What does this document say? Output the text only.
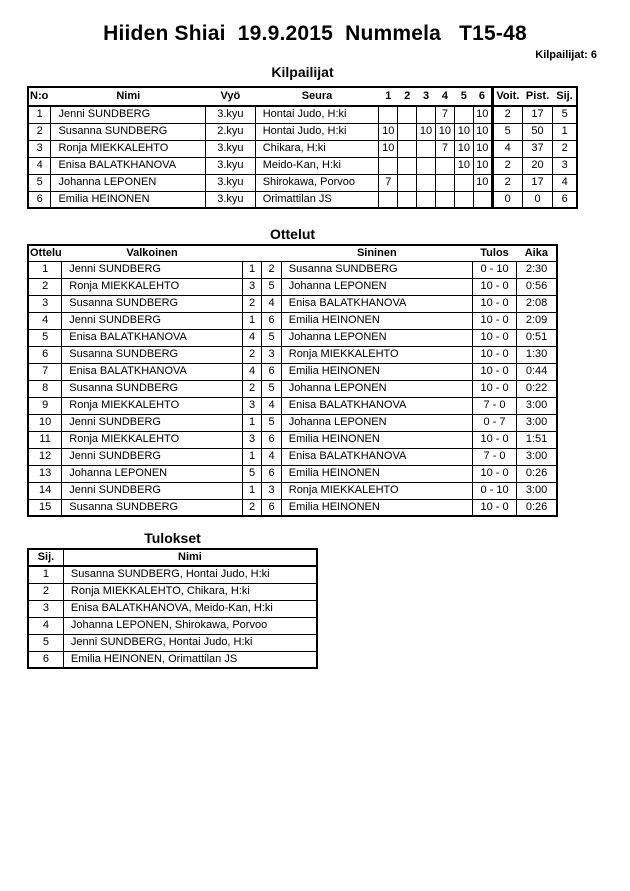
Hiiden Shiai  19.9.2015  Nummela   T15-48
Kilpailijat: 6
Kilpailijat
N:o	Nimi	Vyö	Seura	1	2	3	4	5	6	Voit.	Pist.	Sij.
1	Jenni SUNDBERG	3.kyu	Hontai Judo, H:ki				7		10	2	17	5
2	Susanna SUNDBERG	2.kyu	Hontai Judo, H:ki	10		10	10	10	10	5	50	1
3	Ronja MIEKKALEHTO	3.kyu	Chikara, H:ki	10			7	10	10	4	37	2
4	Enisa BALATKHANOVA	3.kyu	Meido-Kan, H:ki					10	10	2	20	3
5	Johanna LEPONEN	3.kyu	Shirokawa, Porvoo	7					10	2	17	4
6	Emilia HEINONEN	3.kyu	Orimattilan JS							0	0	6
Ottelut
Ottelu	Valkoinen			Sininen	Tulos	Aika
1	Jenni SUNDBERG	1	2	Susanna SUNDBERG	0 - 10	2:30
2	Ronja MIEKKALEHTO	3	5	Johanna LEPONEN	10 - 0	0:56
3	Susanna SUNDBERG	2	4	Enisa BALATKHANOVA	10 - 0	2:08
4	Jenni SUNDBERG	1	6	Emilia HEINONEN	10 - 0	2:09
5	Enisa BALATKHANOVA	4	5	Johanna LEPONEN	10 - 0	0:51
6	Susanna SUNDBERG	2	3	Ronja MIEKKALEHTO	10 - 0	1:30
7	Enisa BALATKHANOVA	4	6	Emilia HEINONEN	10 - 0	0:44
8	Susanna SUNDBERG	2	5	Johanna LEPONEN	10 - 0	0:22
9	Ronja MIEKKALEHTO	3	4	Enisa BALATKHANOVA	7 - 0	3:00
10	Jenni SUNDBERG	1	5	Johanna LEPONEN	0 - 7	3:00
11	Ronja MIEKKALEHTO	3	6	Emilia HEINONEN	10 - 0	1:51
12	Jenni SUNDBERG	1	4	Enisa BALATKHANOVA	7 - 0	3:00
13	Johanna LEPONEN	5	6	Emilia HEINONEN	10 - 0	0:26
14	Jenni SUNDBERG	1	3	Ronja MIEKKALEHTO	0 - 10	3:00
15	Susanna SUNDBERG	2	6	Emilia HEINONEN	10 - 0	0:26
Tulokset
Sij.	Nimi
1	Susanna SUNDBERG, Hontai Judo, H:ki
2	Ronja MIEKKALEHTO, Chikara, H:ki
3	Enisa BALATKHANOVA, Meido-Kan, H:ki
4	Johanna LEPONEN, Shirokawa, Porvoo
5	Jenni SUNDBERG, Hontai Judo, H:ki
6	Emilia HEINONEN, Orimattilan JS
